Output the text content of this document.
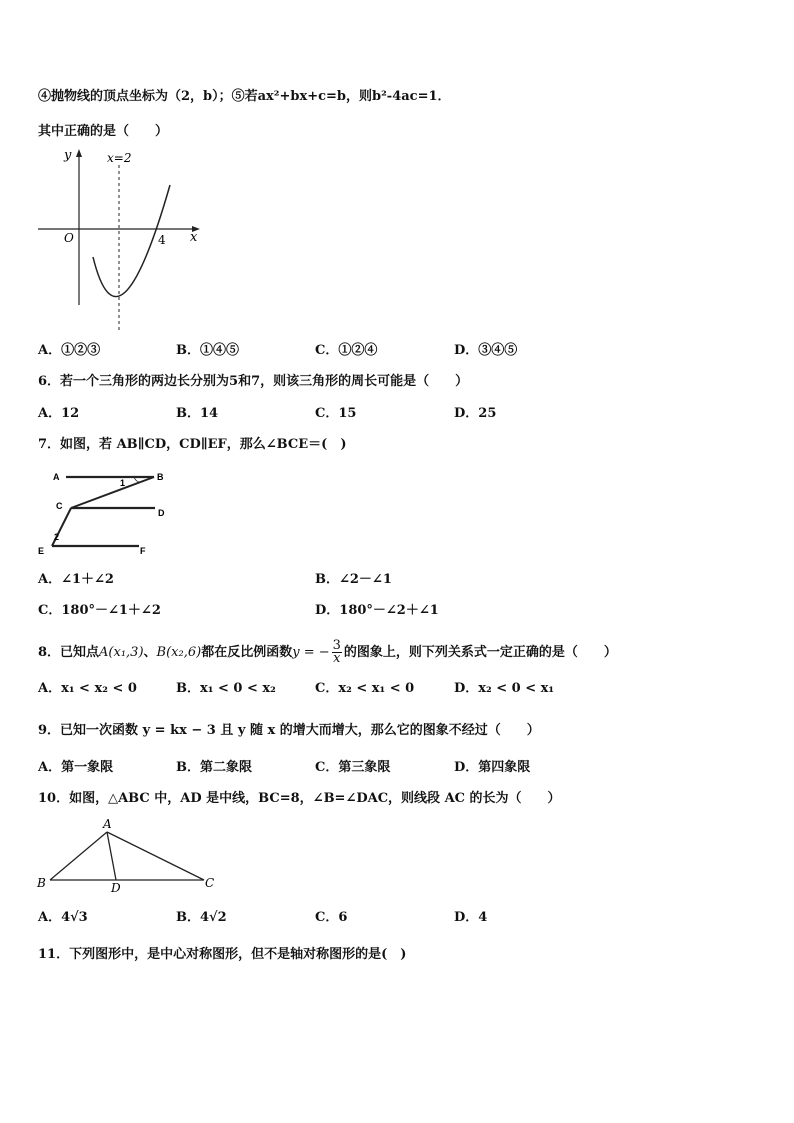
④抛物线的顶点坐标为（2，b）；⑤若ax²+bx+c=b，则b²-4ac=1．
其中正确的是（　　）
y	x=2
O	4 x
A．①②③	B．①④⑤	C．①②④	D．③④⑤
6．若一个三角形的两边长分别为5和7，则该三角形的周长可能是（　　）
A．12	B．14	C．15	D．25
7．如图，若 AB∥CD，CD∥EF，那么∠BCE＝(　)
A	B
1
C
D
2
E	F
A．∠1＋∠2	B．∠2－∠1
C．180°－∠1＋∠2	D．180°－∠2＋∠1
8．已知点A(x₁,3)、B(x₂,6)都在反比例函数y = − $\frac{3}{x}$ 的图象上，则下列关系式一定正确的是（　　）
A．x₁ < x₂ < 0	B．x₁ < 0 < x₂	C．x₂ < x₁ < 0	D．x₂ < 0 < x₁
9．已知一次函数 y = kx − 3 且 y 随 x 的增大而增大，那么它的图象不经过（　　）
A．第一象限	B．第二象限	C．第三象限	D．第四象限
10．如图，△ABC 中，AD 是中线，BC=8，∠B=∠DAC，则线段 AC 的长为（　　）
A
B	D	C
A．4√3	B．4√2	C．6	D．4
11．下列图形中，是中心对称图形，但不是轴对称图形的是(　)
